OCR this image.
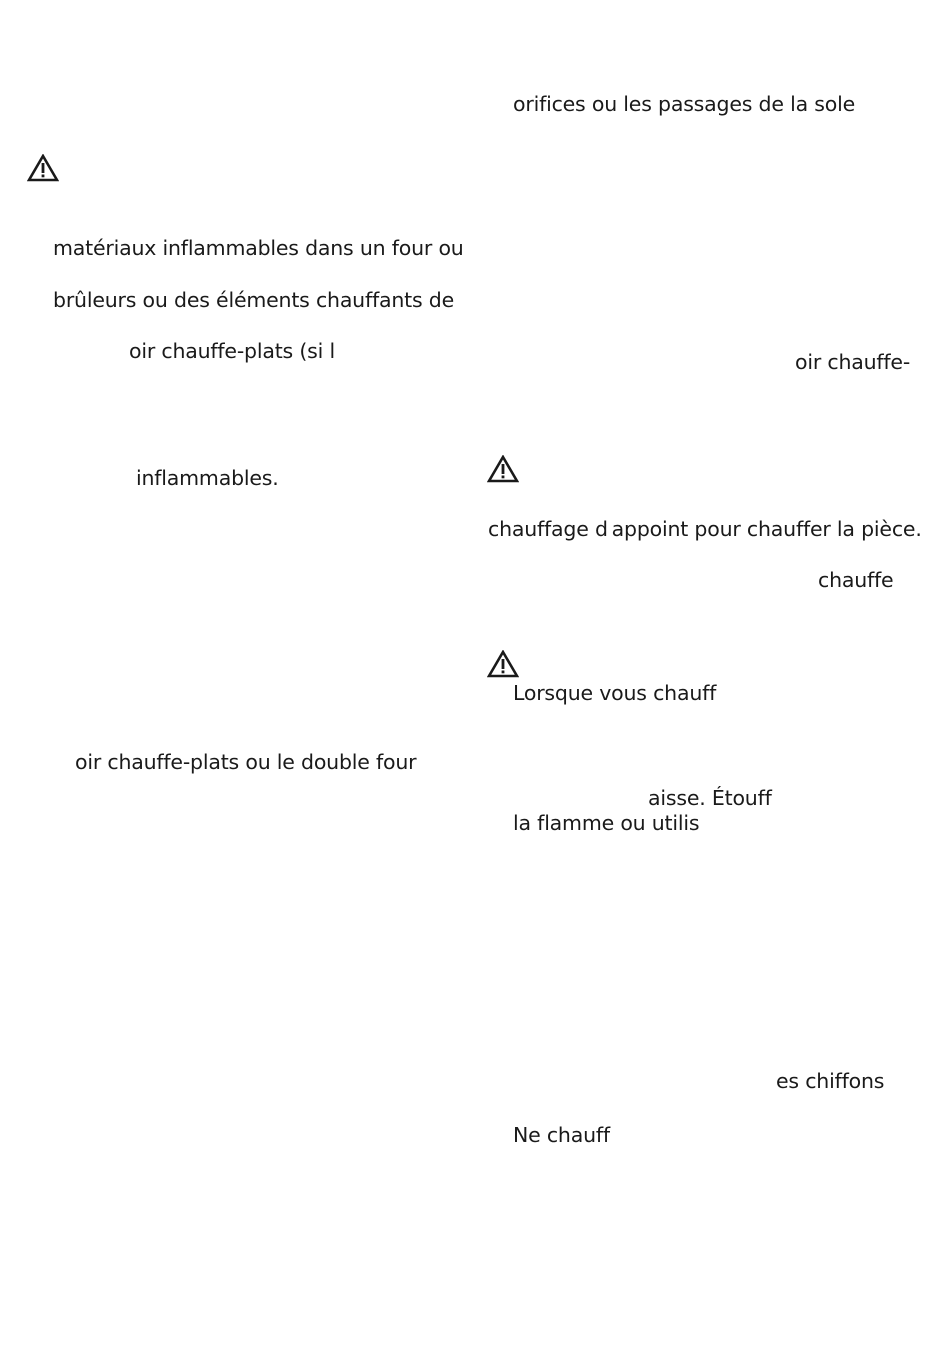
matériaux inflammables dans un four ou
brûleurs ou des éléments chauffants de
oir chauffe-plats (si l
inflammables.
oir chauffe-plats ou le double four
orifices ou les passages de la sole
oir chauffe-
chauffage d appoint pour chauffer la pièce.
chauffe
Lorsque vous chauff
aisse. Étouff
la flamme ou utilis
es chiffons
Ne chauff
